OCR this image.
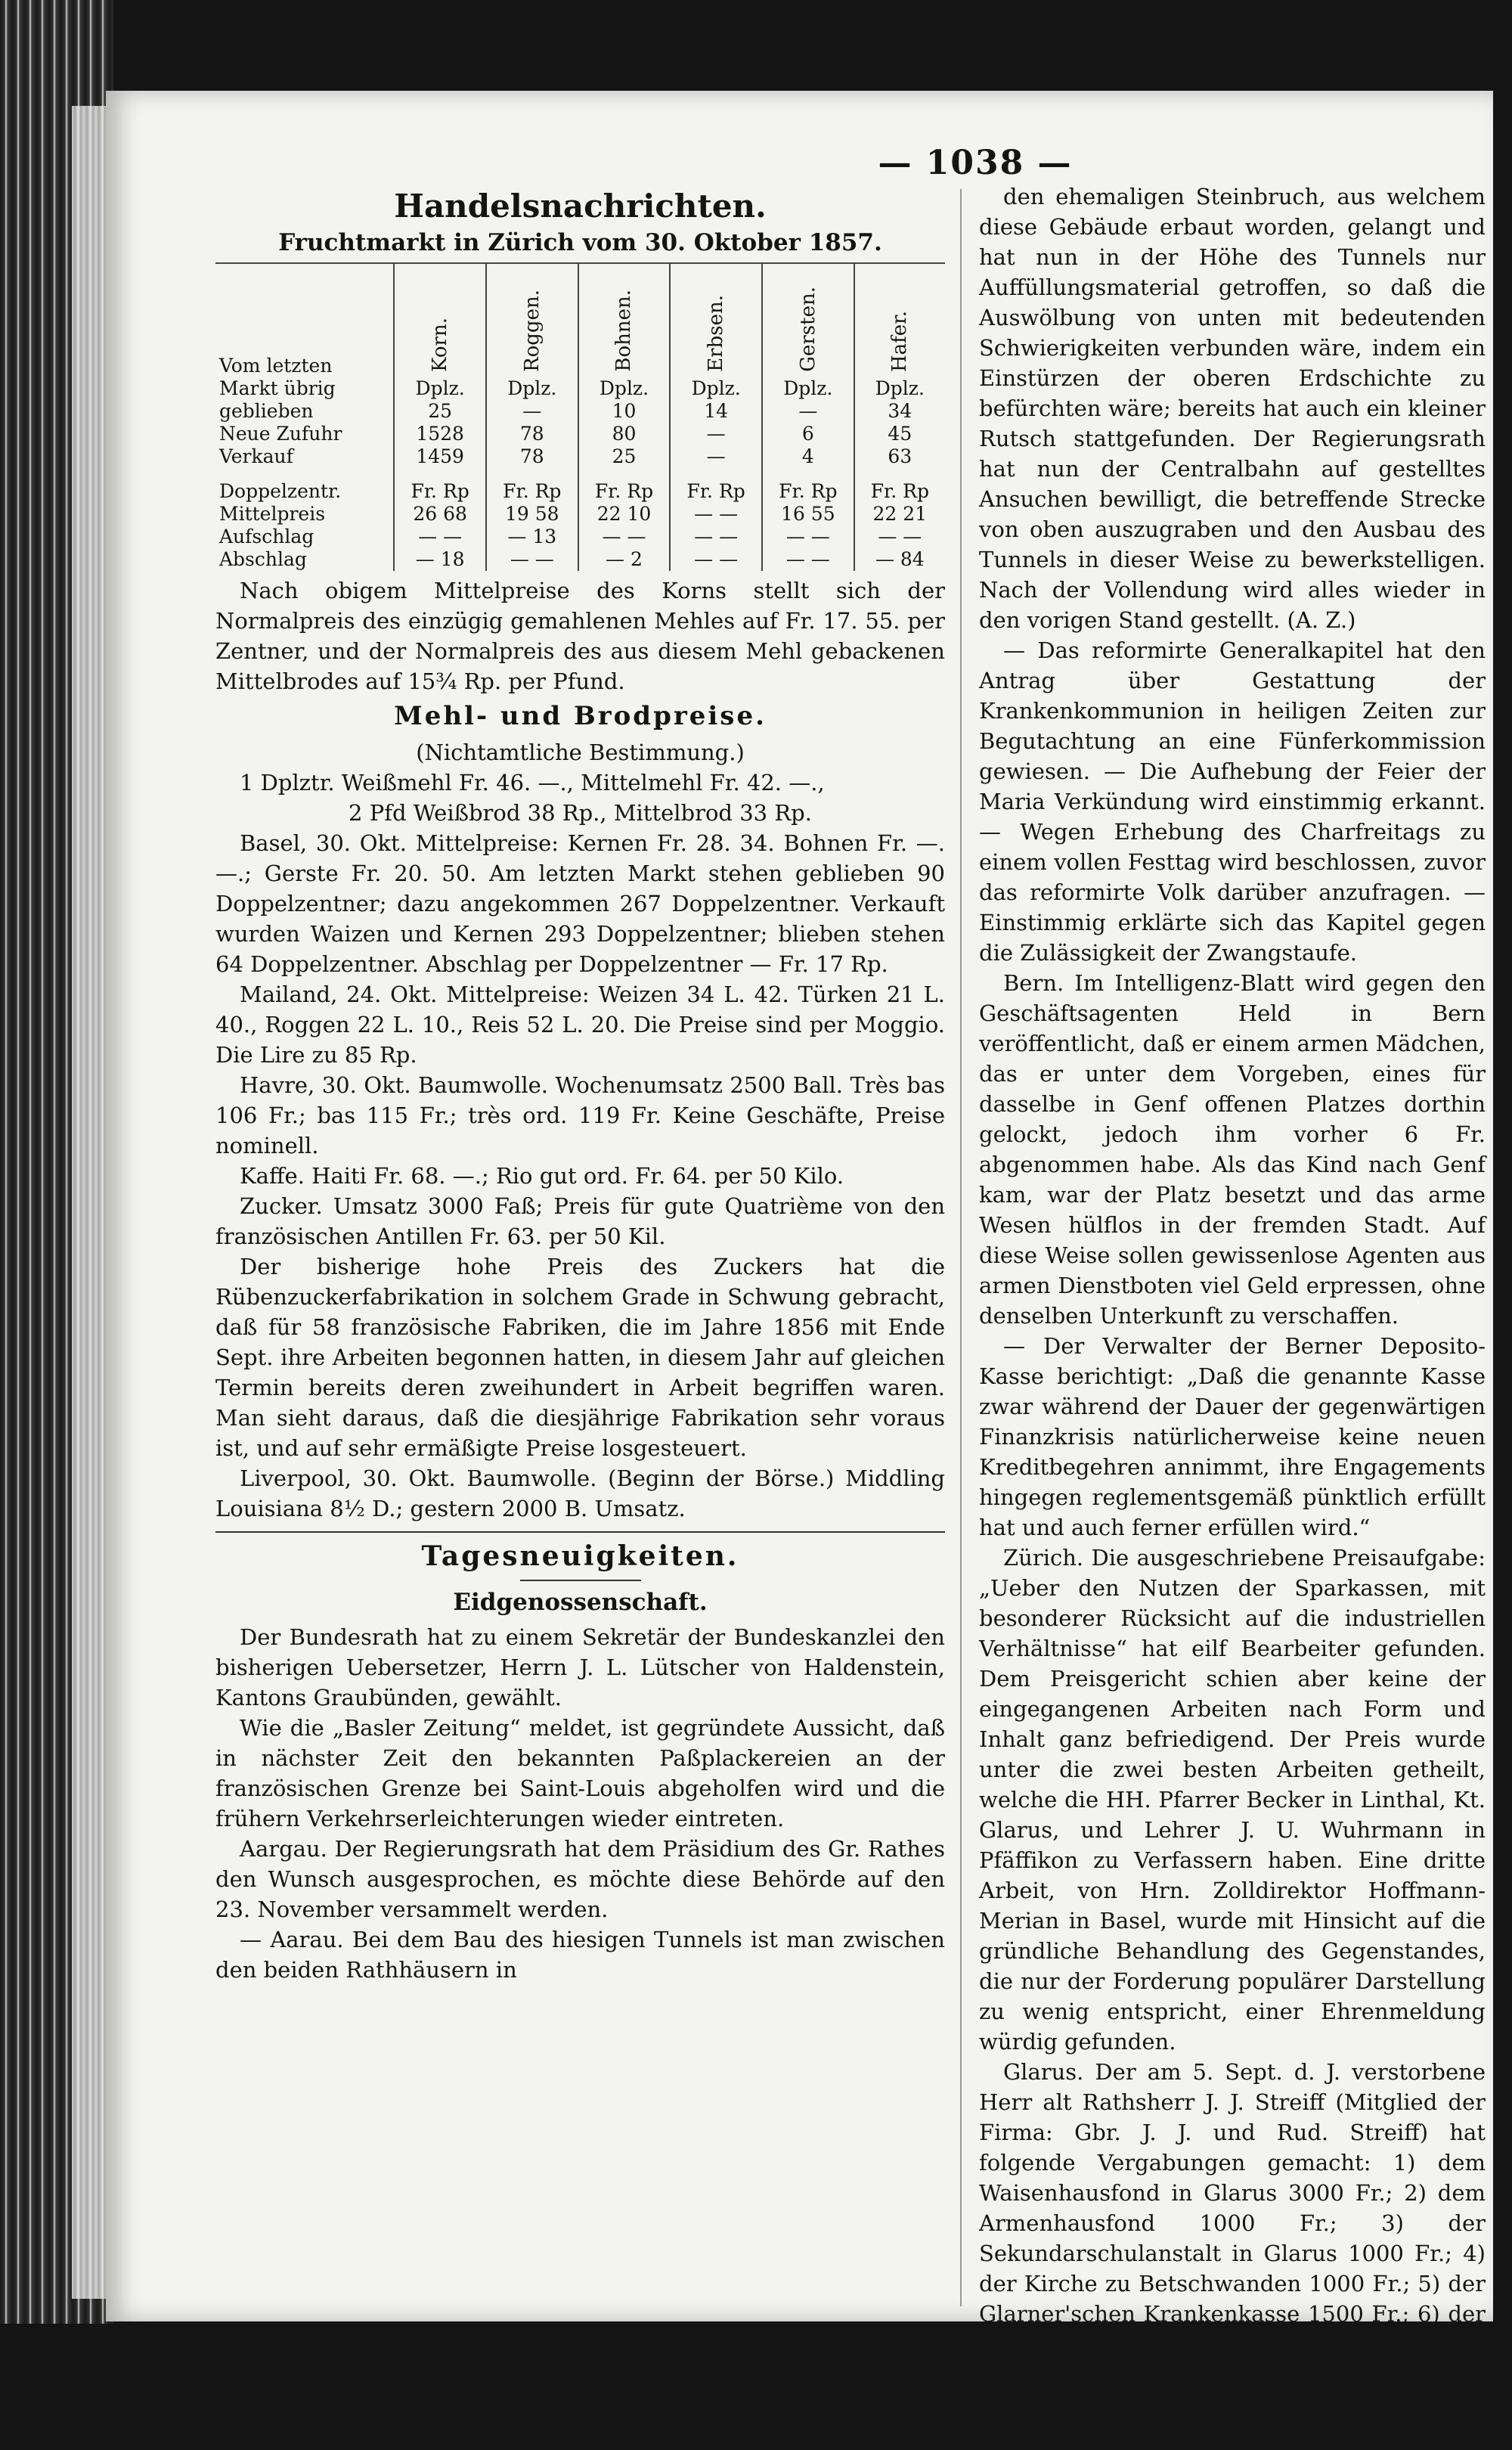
— 1038 —
Handelsnachrichten.
Fruchtmarkt in Zürich vom 30. Oktober 1857.
Vom letzten	Korn.	Roggen.	Bohnen.	Erbsen.	Gersten.	Hafer.
Markt übrig	Dplz.	Dplz.	Dplz.	Dplz.	Dplz.	Dplz.
geblieben	25	—	10	14	—	34
Neue Zufuhr	1528	78	80	—	6	45
Verkauf	1459	78	25	—	4	63

Doppelzentr.	Fr. Rp	Fr. Rp	Fr. Rp	Fr. Rp	Fr. Rp	Fr. Rp
Mittelpreis	26 68	19 58	22 10	— —	16 55	22 21
Aufschlag	— —	— 13	— —	— —	— —	— —
Abschlag	— 18	— —	— 2	— —	— —	— 84

Nach obigem Mittelpreise des Korns stellt sich der Normalpreis des einzügig gemahlenen Mehles auf Fr. 17. 55. per Zentner, und der Normalpreis des aus diesem Mehl gebackenen Mittelbrodes auf 15¾ Rp. per Pfund.

Mehl- und Brodpreise.
(Nichtamtliche Bestimmung.)
1 Dplztr. Weißmehl Fr. 46. —., Mittelmehl Fr. 42. —.,
2 Pfd Weißbrod 38 Rp., Mittelbrod 33 Rp.

Basel, 30. Okt. Mittelpreise: Kernen Fr. 28. 34. Bohnen Fr. —. —.; Gerste Fr. 20. 50. Am letzten Markt stehen geblieben 90 Doppelzentner; dazu angekommen 267 Doppelzentner. Verkauft wurden Waizen und Kernen 293 Doppelzentner; blieben stehen 64 Doppelzentner. Abschlag per Doppelzentner — Fr. 17 Rp.

Mailand, 24. Okt. Mittelpreise: Weizen 34 L. 42. Türken 21 L. 40., Roggen 22 L. 10., Reis 52 L. 20. Die Preise sind per Moggio. Die Lire zu 85 Rp.

Havre, 30. Okt. Baumwolle. Wochenumsatz 2500 Ball. Très bas 106 Fr.; bas 115 Fr.; très ord. 119 Fr. Keine Geschäfte, Preise nominell.

Kaffe. Haiti Fr. 68. —.; Rio gut ord. Fr. 64. per 50 Kilo.

Zucker. Umsatz 3000 Faß; Preis für gute Quatrième von den französischen Antillen Fr. 63. per 50 Kil.

Der bisherige hohe Preis des Zuckers hat die Rübenzuckerfabrikation in solchem Grade in Schwung gebracht, daß für 58 französische Fabriken, die im Jahre 1856 mit Ende Sept. ihre Arbeiten begonnen hatten, in diesem Jahr auf gleichen Termin bereits deren zweihundert in Arbeit begriffen waren. Man sieht daraus, daß die diesjährige Fabrikation sehr voraus ist, und auf sehr ermäßigte Preise losgesteuert.

Liverpool, 30. Okt. Baumwolle. (Beginn der Börse.) Middling Louisiana 8½ D.; gestern 2000 B. Umsatz.

Tagesneuigkeiten.
Eidgenossenschaft.

Der Bundesrath hat zu einem Sekretär der Bundeskanzlei den bisherigen Uebersetzer, Herrn J. L. Lütscher von Haldenstein, Kantons Graubünden, gewählt.

Wie die „Basler Zeitung“ meldet, ist gegründete Aussicht, daß in nächster Zeit den bekannten Paßplackereien an der französischen Grenze bei Saint-Louis abgeholfen wird und die frühern Verkehrserleichterungen wieder eintreten.

Aargau. Der Regierungsrath hat dem Präsidium des Gr. Rathes den Wunsch ausgesprochen, es möchte diese Behörde auf den 23. November versammelt werden.

— Aarau. Bei dem Bau des hiesigen Tunnels ist man zwischen den beiden Rathhäusern in

den ehemaligen Steinbruch, aus welchem diese Gebäude erbaut worden, gelangt und hat nun in der Höhe des Tunnels nur Auffüllungsmaterial getroffen, so daß die Auswölbung von unten mit bedeutenden Schwierigkeiten verbunden wäre, indem ein Einstürzen der oberen Erdschichte zu befürchten wäre; bereits hat auch ein kleiner Rutsch stattgefunden. Der Regierungsrath hat nun der Centralbahn auf gestelltes Ansuchen bewilligt, die betreffende Strecke von oben auszugraben und den Ausbau des Tunnels in dieser Weise zu bewerkstelligen. Nach der Vollendung wird alles wieder in den vorigen Stand gestellt. (A. Z.)

— Das reformirte Generalkapitel hat den Antrag über Gestattung der Krankenkommunion in heiligen Zeiten zur Begutachtung an eine Fünferkommission gewiesen. — Die Aufhebung der Feier der Maria Verkündung wird einstimmig erkannt. — Wegen Erhebung des Charfreitags zu einem vollen Festtag wird beschlossen, zuvor das reformirte Volk darüber anzufragen. — Einstimmig erklärte sich das Kapitel gegen die Zulässigkeit der Zwangstaufe.

Bern. Im Intelligenz-Blatt wird gegen den Geschäftsagenten Held in Bern veröffentlicht, daß er einem armen Mädchen, das er unter dem Vorgeben, eines für dasselbe in Genf offenen Platzes dorthin gelockt, jedoch ihm vorher 6 Fr. abgenommen habe. Als das Kind nach Genf kam, war der Platz besetzt und das arme Wesen hülflos in der fremden Stadt. Auf diese Weise sollen gewissenlose Agenten aus armen Dienstboten viel Geld erpressen, ohne denselben Unterkunft zu verschaffen.

— Der Verwalter der Berner Deposito-Kasse berichtigt: „Daß die genannte Kasse zwar während der Dauer der gegenwärtigen Finanzkrisis natürlicherweise keine neuen Kreditbegehren annimmt, ihre Engagements hingegen reglementsgemäß pünktlich erfüllt hat und auch ferner erfüllen wird.“

Zürich. Die ausgeschriebene Preisaufgabe: „Ueber den Nutzen der Sparkassen, mit besonderer Rücksicht auf die industriellen Verhältnisse“ hat eilf Bearbeiter gefunden. Dem Preisgericht schien aber keine der eingegangenen Arbeiten nach Form und Inhalt ganz befriedigend. Der Preis wurde unter die zwei besten Arbeiten getheilt, welche die HH. Pfarrer Becker in Linthal, Kt. Glarus, und Lehrer J. U. Wuhrmann in Pfäffikon zu Verfassern haben. Eine dritte Arbeit, von Hrn. Zolldirektor Hoffmann-Merian in Basel, wurde mit Hinsicht auf die gründliche Behandlung des Gegenstandes, die nur der Forderung populärer Darstellung zu wenig entspricht, einer Ehrenmeldung würdig gefunden.

Glarus. Der am 5. Sept. d. J. verstorbene Herr alt Rathsherr J. J. Streiff (Mitglied der Firma: Gbr. J. J. und Rud. Streiff) hat folgende Vergabungen gemacht: 1) dem Waisenhausfond in Glarus 3000 Fr.; 2) dem Armenhausfond 1000 Fr.; 3) der Sekundarschulanstalt in Glarus 1000 Fr.; 4) der Kirche zu Betschwanden 1000 Fr.; 5) der Glarner'schen Krankenkasse 1500 Fr.; 6) der Fabrik-Alterskasse 2000 Fr.; 7) der Linthkolonie-Anstalt 500 Fr.

Solothurn. Bankdirektor Kaiser von Solothurn, bis vor Kurzem Sekretär auf der
